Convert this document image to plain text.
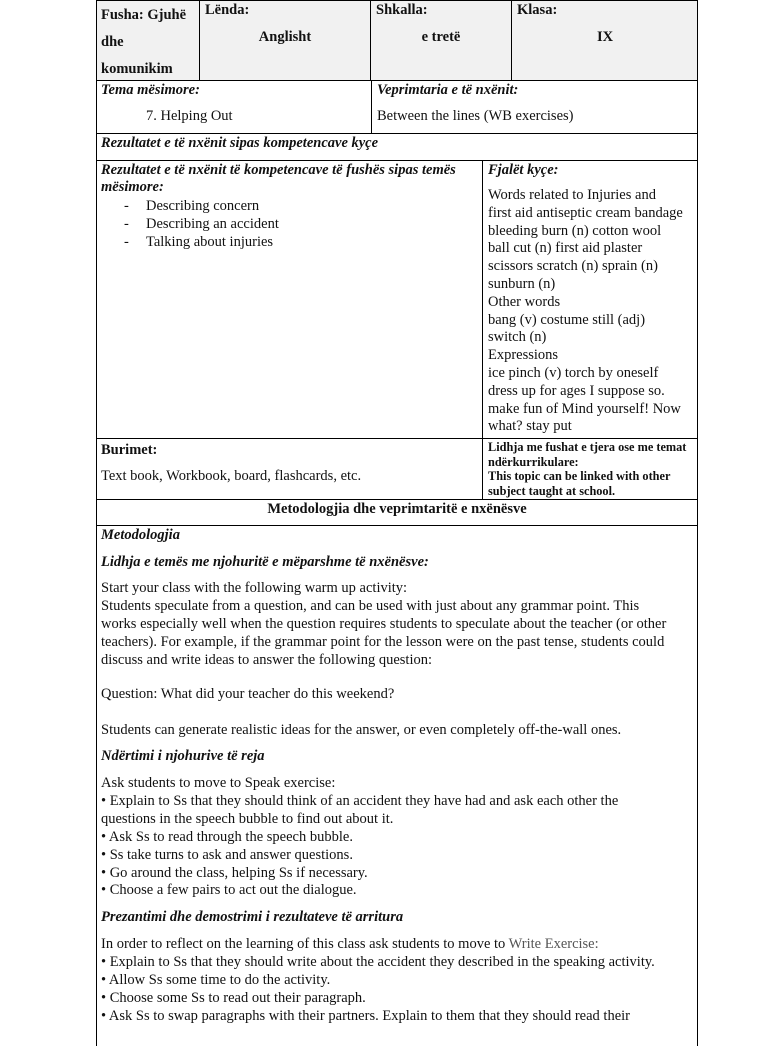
Fusha: Gjuhë dhe komunikim
Lënda:
Anglisht
Shkalla:
e tretë
Klasa:
IX
Tema mësimore:
7. Helping Out
Veprimtaria e të nxënit:
Between the lines (WB exercises)
Rezultatet e të nxënit sipas kompetencave kyçe
Rezultatet e të nxënit të kompetencave të fushës sipas temës
mësimore:
- Describing concern
- Describing an accident
- Talking about injuries
Fjalët kyçe:
Words related to Injuries and
first aid antiseptic cream bandage
bleeding burn (n) cotton wool
ball cut (n) first aid plaster
scissors scratch (n) sprain (n)
sunburn (n)
Other words
bang (v) costume still (adj)
switch (n)
Expressions
ice pinch (v) torch by oneself
dress up for ages I suppose so.
make fun of Mind yourself! Now
what? stay put
Burimet:
Text book, Workbook, board, flashcards, etc.
Lidhja me fushat e tjera ose me temat
ndërkurrikulare:
This topic can be linked with other
subject taught at school.
Metodologjia dhe veprimtaritë e nxënësve
Metodologjia
Lidhja e temës me njohuritë e mëparshme të nxënësve:
Start your class with the following warm up activity:
Students speculate from a question, and can be used with just about any grammar point. This
works especially well when the question requires students to speculate about the teacher (or other
teachers). For example, if the grammar point for the lesson were on the past tense, students could
discuss and write ideas to answer the following question:
Question: What did your teacher do this weekend?
Students can generate realistic ideas for the answer, or even completely off-the-wall ones.
Ndërtimi i njohurive të reja
Ask students to move to Speak exercise:
• Explain to Ss that they should think of an accident they have had and ask each other the
questions in the speech bubble to find out about it.
• Ask Ss to read through the speech bubble.
• Ss take turns to ask and answer questions.
• Go around the class, helping Ss if necessary.
• Choose a few pairs to act out the dialogue.
Prezantimi dhe demostrimi i rezultateve të arritura
In order to reflect on the learning of this class ask students to move to Write Exercise:
• Explain to Ss that they should write about the accident they described in the speaking activity.
• Allow Ss some time to do the activity.
• Choose some Ss to read out their paragraph.
• Ask Ss to swap paragraphs with their partners. Explain to them that they should read their
